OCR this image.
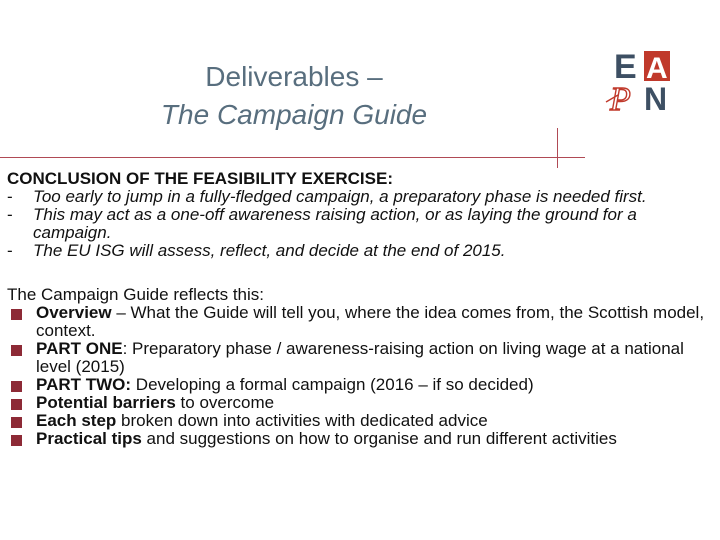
Deliverables –
The Campaign Guide
E A
P N
CONCLUSION OF THE FEASIBILITY EXERCISE:
- Too early to jump in a fully-fledged campaign, a preparatory phase is needed first.
- This may act as a one-off awareness raising action, or as laying the ground for a campaign.
- The EU ISG will assess, reflect, and decide at the end of 2015.
The Campaign Guide reflects this:
Overview – What the Guide will tell you, where the idea comes from, the Scottish model, context.
PART ONE: Preparatory phase / awareness-raising action on living wage at a national level (2015)
PART TWO: Developing a formal campaign (2016 – if so decided)
Potential barriers to overcome
Each step broken down into activities with dedicated advice
Practical tips and suggestions on how to organise and run different activities
